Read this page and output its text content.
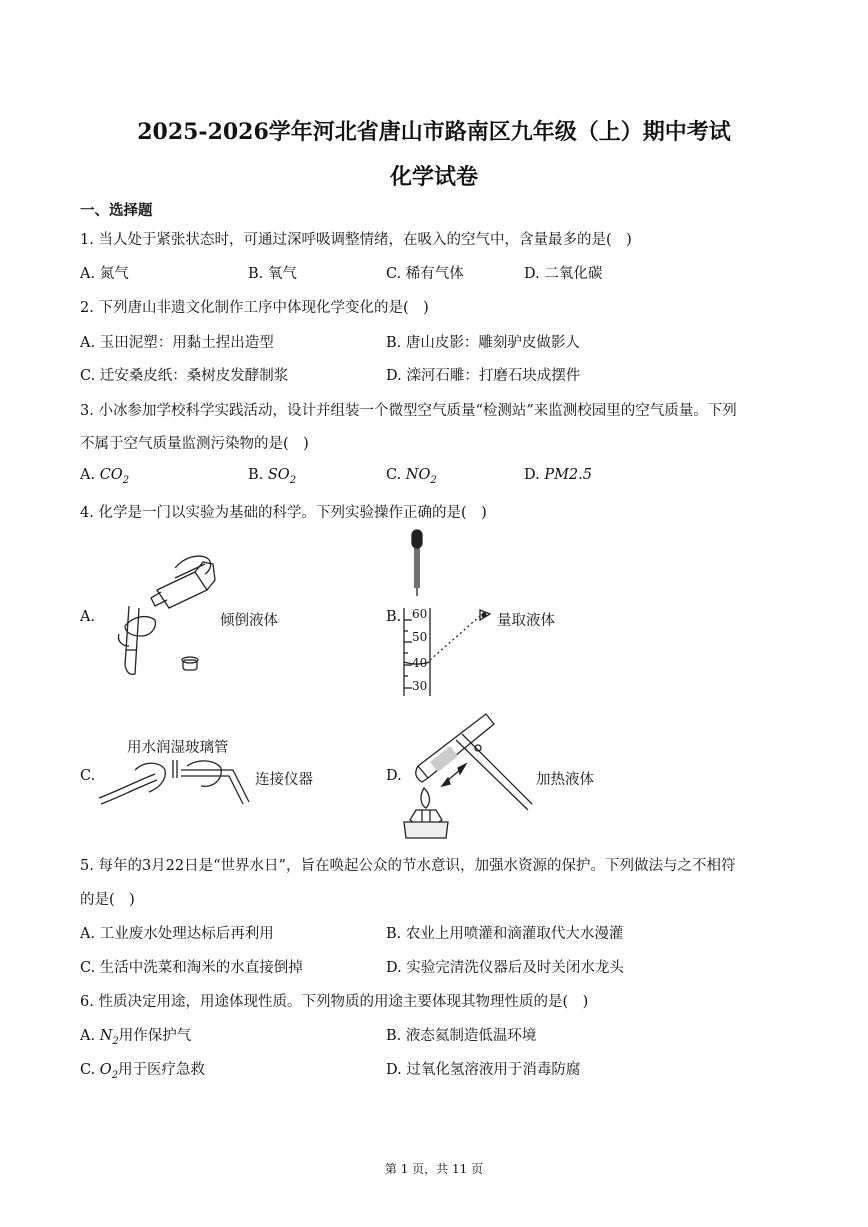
2025-2026学年河北省唐山市路南区九年级（上）期中考试
化学试卷
一、选择题
1. 当人处于紧张状态时，可通过深呼吸调整情绪，在吸入的空气中，含量最多的是(　)
A. 氮气	B. 氧气	C. 稀有气体	D. 二氧化碳
2. 下列唐山非遗文化制作工序中体现化学变化的是(　)
A. 玉田泥塑：用黏土捏出造型	B. 唐山皮影：雕刻驴皮做影人
C. 迁安桑皮纸：桑树皮发酵制浆	D. 滦河石雕：打磨石块成摆件
3. 小冰参加学校科学实践活动，设计并组装一个微型空气质量“检测站”来监测校园里的空气质量。下列
不属于空气质量监测污染物的是(　)
A. $CO_2$	B. $SO_2$	C. $NO_2$	D. PM2.5
4. 化学是一门以实验为基础的科学。下列实验操作正确的是(　)
A.	倾倒液体	B. 60
50
40
30
量取液体
用水润湿玻璃管
C.	连接仪器	D.	加热液体
5. 每年的3月22日是“世界水日”，旨在唤起公众的节水意识，加强水资源的保护。下列做法与之不相符
的是(　)
A. 工业废水处理达标后再利用	B. 农业上用喷灌和滴灌取代大水漫灌
C. 生活中洗菜和淘米的水直接倒掉	D. 实验完清洗仪器后及时关闭水龙头
6. 性质决定用途，用途体现性质。下列物质的用途主要体现其物理性质的是(　)
A. $N_2$用作保护气	B. 液态氦制造低温环境
C. $O_2$用于医疗急救	D. 过氧化氢溶液用于消毒防腐
第 1 页，共 11 页
